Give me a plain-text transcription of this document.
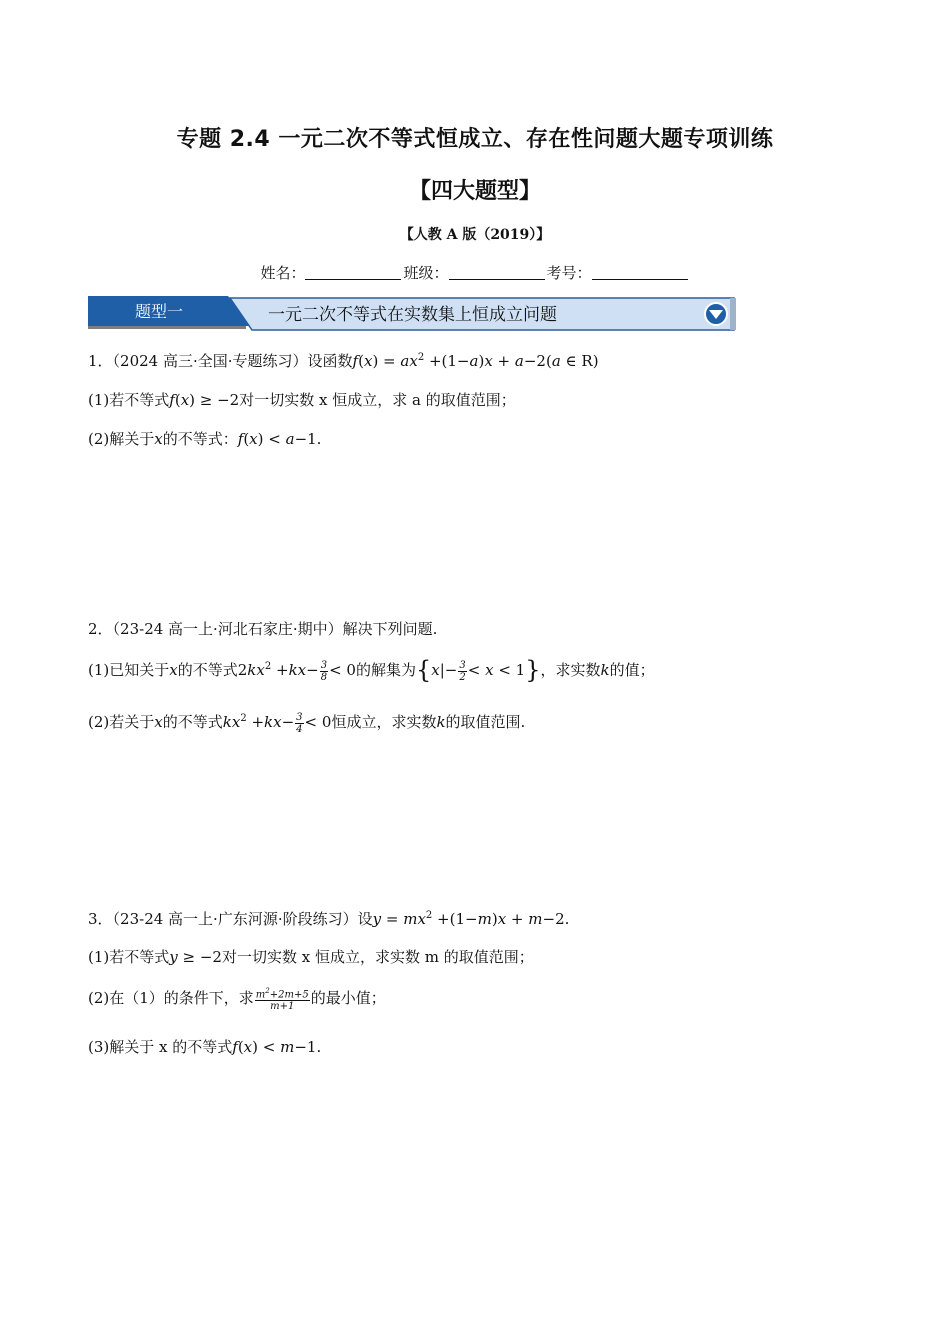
专题 2.4 一元二次不等式恒成立、存在性问题大题专项训练
【四大题型】
【人教 A 版（2019）】
姓名：	班级：	考号：
题型一	一元二次不等式在实数集上恒成立问题
1．（2024 高三·全国·专题练习）设函数$f(x) = ax^2 +(1-a)x + a-2(a$ ∈ R)
(1)若不等式f(x) ≥ −2对一切实数 x 恒成立，求 a 的取值范围；
(2)解关于x的不等式：f(x) < a−1.
2．（23-24 高一上·河北石家庄·期中）解决下列问题.
(1)已知关于x的不等式$2kx^2 +kx- \frac{3}{8} < 0$的解集为$\{x|- \frac{3}{2} < x < 1\}$，求实数k的值；
(2)若关于x的不等式$kx^2 +kx- \frac{3}{4} < 0$恒成立，求实数k的取值范围.
3．（23-24 高一上·广东河源·阶段练习）设$y = mx^2 +(1-m)x + m-2$.
(1)若不等式y ≥ −2对一切实数 x 恒成立，求实数 m 的取值范围；
(2)在（1）的条件下，求 $\frac{m^2+2m+5}{m+1}$ 的最小值；
(3)解关于 x 的不等式f(x) < m−1.
